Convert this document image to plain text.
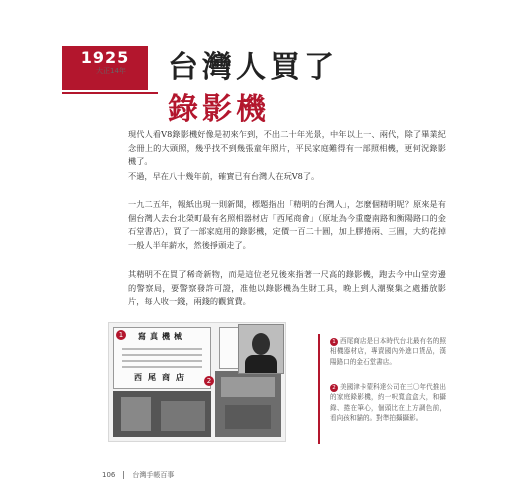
1925
大正14年 台灣人買了
錄影機
現代人看V8錄影機好像是初來乍到，不出二十年光景，中年以上一、兩代，除了畢業紀念冊上的大頭照，幾乎找不到幾張童年照片，平民家庭難得有一部照相機，更何況錄影機了。
不過，早在八十幾年前，確實已有台灣人在玩V8了。
一九二五年，報紙出現一則新聞，標題指出「精明的台灣人」，怎麼個精明呢？原來是有個台灣人去台北榮町最有名照相器材店「西尾商會」（原址為今重慶南路和衡陽路口的金石堂書店），買了一部家庭用的錄影機，定價一百二十圓，加上膠捲兩、三圓，大約花掉一般人半年薪水，然後掙頭走了。
其精明不在買了稀奇新物，而是這位老兄後來指著一尺高的錄影機，跑去今中山堂旁邊的警察局，要警察發許可證，准他以錄影機為生財工具，晚上到人潮聚集之處播放影片，每人收一錢，兩錢的觀賞費。
寫真機械
西尾商店
1
2
1 西尾商店是日本時代台北最有名的照相機器材店，專賣國內外進口貨品，漢陽路口的金石堂書店。
2 美國津卡蒙科達公司在三〇年代推出的家庭錄影機，約一呎寬盒盒大，和攝錄、捲在筆心，個頭比在上方調色前，看向孩和貓的。對準拍攝攝影。
106 台灣手帳百事
